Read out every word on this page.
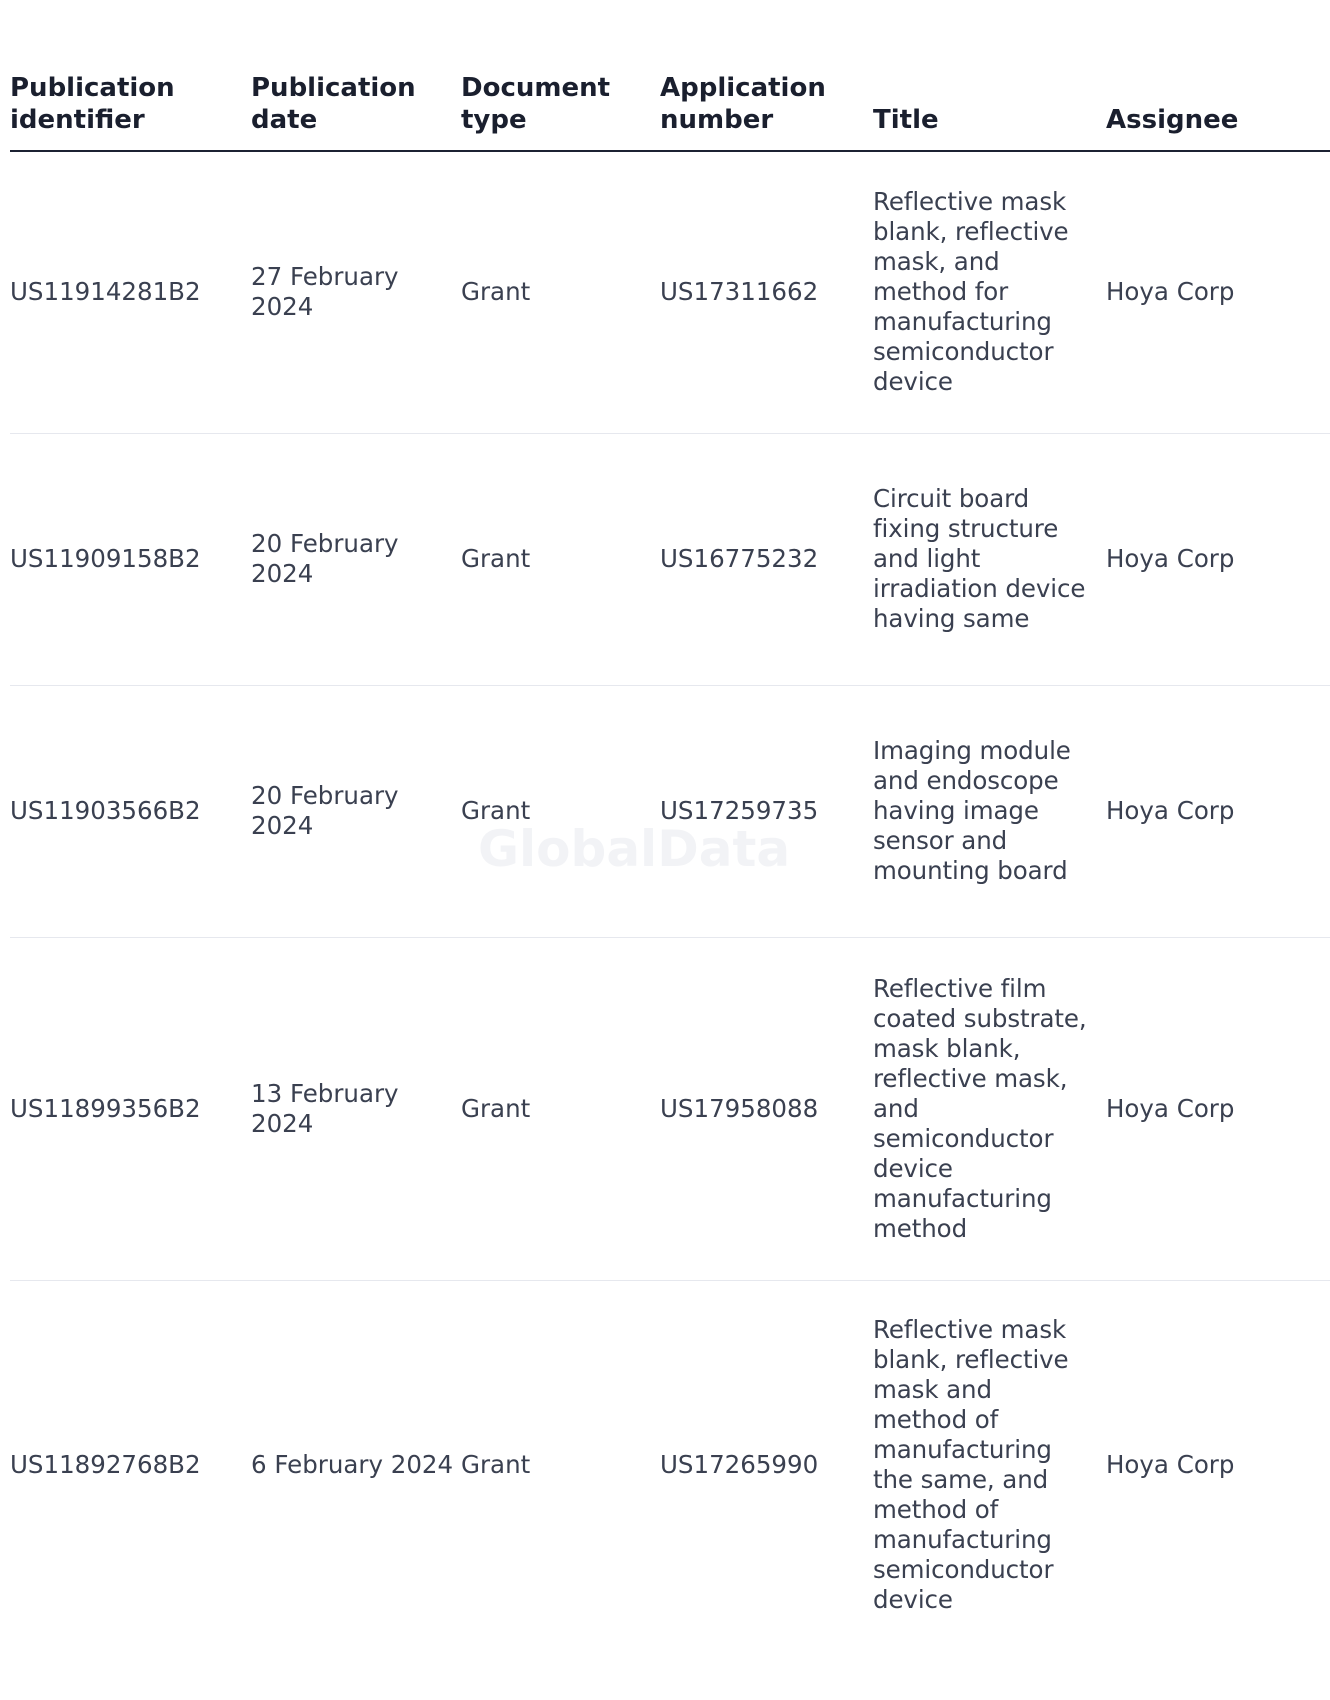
GlobalData
Publication identifier	Publication date	Document type	Application number	Title	Assignee
US11914281B2	27 February 2024	Grant	US17311662	Reflective mask blank, reflective mask, and method for manufacturing semiconductor device	Hoya Corp
US11909158B2	20 February 2024	Grant	US16775232	Circuit board fixing structure and light irradiation device having same	Hoya Corp
US11903566B2	20 February 2024	Grant	US17259735	Imaging module and endoscope having image sensor and mounting board	Hoya Corp
US11899356B2	13 February 2024	Grant	US17958088	Reflective film coated substrate, mask blank, reflective mask, and semiconductor device manufacturing method	Hoya Corp
US11892768B2	6 February 2024	Grant	US17265990	Reflective mask blank, reflective mask and method of manufacturing the same, and method of manufacturing semiconductor device	Hoya Corp
